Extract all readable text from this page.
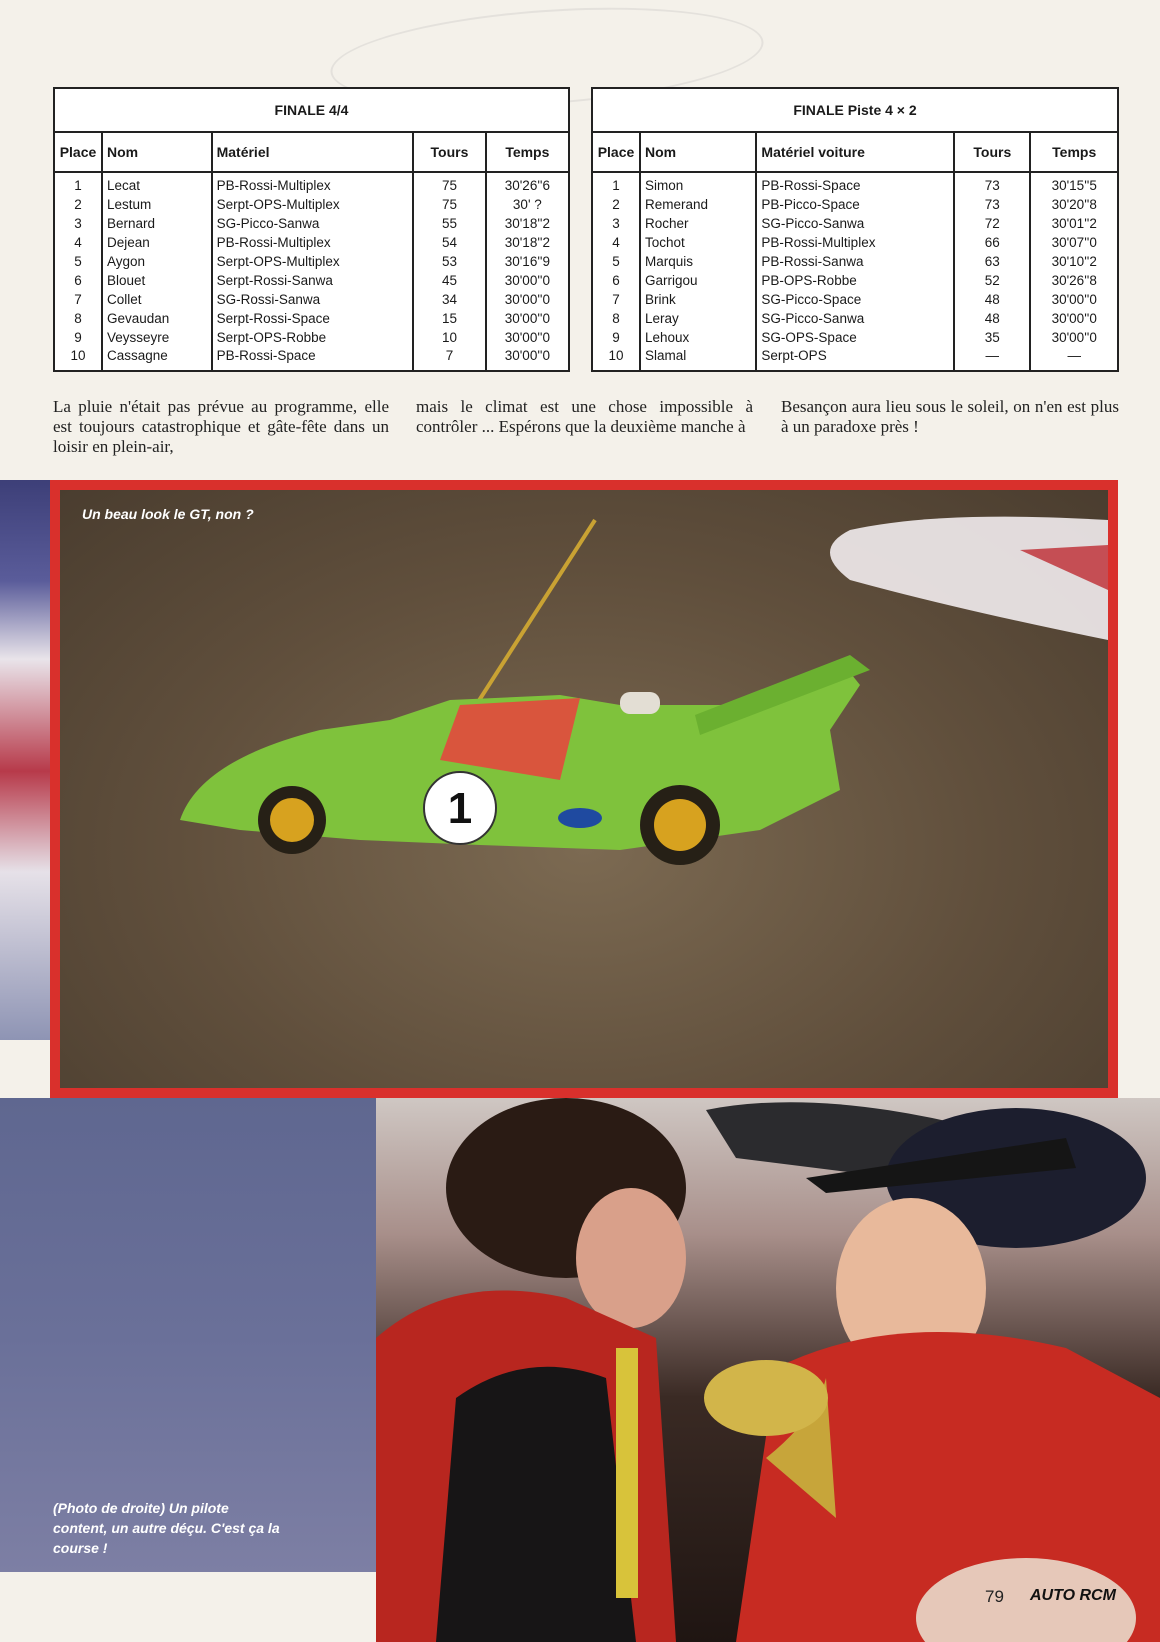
FINALE 4/4
Place	Nom	Matériel	Tours	Temps
1	Lecat	PB-Rossi-Multiplex	75	30'26''6
2	Lestum	Serpt-OPS-Multiplex	75	30' ?
3	Bernard	SG-Picco-Sanwa	55	30'18''2
4	Dejean	PB-Rossi-Multiplex	54	30'18''2
5	Aygon	Serpt-OPS-Multiplex	53	30'16''9
6	Blouet	Serpt-Rossi-Sanwa	45	30'00''0
7	Collet	SG-Rossi-Sanwa	34	30'00''0
8	Gevaudan	Serpt-Rossi-Space	15	30'00''0
9	Veysseyre	Serpt-OPS-Robbe	10	30'00''0
10	Cassagne	PB-Rossi-Space	7	30'00''0
FINALE Piste 4 × 2
Place	Nom	Matériel voiture	Tours	Temps
1	Simon	PB-Rossi-Space	73	30'15''5
2	Remerand	PB-Picco-Space	73	30'20''8
3	Rocher	SG-Picco-Sanwa	72	30'01''2
4	Tochot	PB-Rossi-Multiplex	66	30'07''0
5	Marquis	PB-Rossi-Sanwa	63	30'10''2
6	Garrigou	PB-OPS-Robbe	52	30'26''8
7	Brink	SG-Picco-Space	48	30'00''0
8	Leray	SG-Picco-Sanwa	48	30'00''0
9	Lehoux	SG-OPS-Space	35	30'00''0
10	Slamal	Serpt-OPS	—	—
La pluie n'était pas prévue au programme, elle est toujours catastrophique et gâte-fête dans un loisir en plein-air,
mais le climat est une chose impossible à contrôler ... Espérons que la deuxième manche à
Besançon aura lieu sous le soleil, on n'en est plus à un paradoxe près !
1
Un beau look le GT, non ?
(Photo de droite) Un pilote content, un autre déçu. C'est ça la course !
79 AUTO RCM
